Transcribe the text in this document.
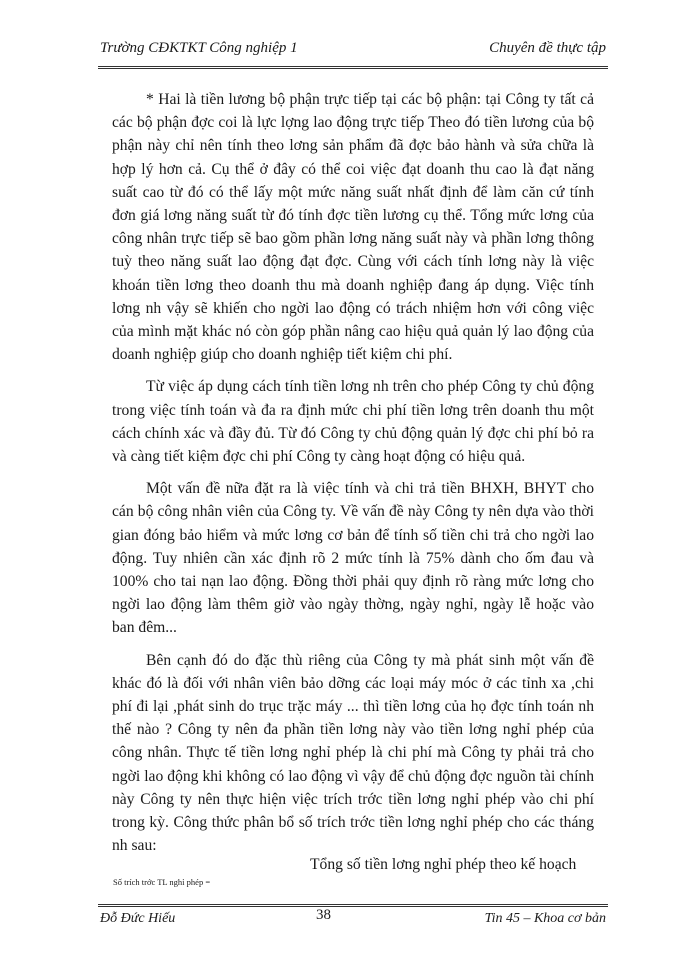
Trường CĐKTKT Công nghiệp 1	Chuyên đề thực tập

* Hai là tiền lương bộ phận trực tiếp tại các bộ phận: tại Công ty tất cả các bộ phận đợc coi là lực lợng lao động trực tiếp Theo đó tiền lương của bộ phận này chỉ nên tính theo lơng sản phẩm đã đợc bảo hành và sửa chữa là hợp lý hơn cả. Cụ thể ở đây có thể coi việc đạt doanh thu cao là đạt năng suất cao từ đó có thể lấy một mức năng suất nhất định để làm căn cứ tính đơn giá lơng năng suất từ đó tính đợc tiền lương cụ thể. Tổng mức lơng của công nhân trực tiếp sẽ bao gồm phần lơng năng suất này và phần lơng thông tuỳ theo năng suất lao động đạt đợc. Cùng với cách tính lơng này là việc khoán tiền lơng theo doanh thu mà doanh nghiệp đang áp dụng. Việc tính lơng nh vậy sẽ khiến cho ngời lao động có trách nhiệm hơn với công việc của mình mặt khác nó còn góp phần nâng cao hiệu quả quản lý lao động của doanh nghiệp giúp cho doanh nghiệp tiết kiệm chi phí.

Từ việc áp dụng cách tính tiền lơng nh trên cho phép Công ty chủ động trong việc tính toán và đa ra định mức chi phí tiền lơng trên doanh thu một cách chính xác và đầy đủ. Từ đó Công ty chủ động quản lý đợc chi phí bỏ ra và càng tiết kiệm đợc chi phí Công ty càng hoạt động có hiệu quả.

Một vấn đề nữa đặt ra là việc tính và chi trả tiền BHXH, BHYT cho cán bộ công nhân viên của Công ty. Về vấn đề này Công ty nên dựa vào thời gian đóng bảo hiểm và mức lơng cơ bản để tính số tiền chi trả cho ngời lao động. Tuy nhiên cần xác định rõ 2 mức tính là 75% dành cho ốm đau và 100% cho tai nạn lao động. Đồng thời phải quy định rõ ràng mức lơng cho ngời lao động làm thêm giờ vào ngày thờng, ngày nghỉ, ngày lễ hoặc vào ban đêm...

Bên cạnh đó do đặc thù riêng của Công ty mà phát sinh một vấn đề khác đó là đối với nhân viên bảo dỡng các loại máy móc ở các tỉnh xa ,chi phí đi lại ,phát sinh do trục trặc máy ... thì tiền lơng của họ đợc tính toán nh thế nào ? Công ty nên đa phần tiền lơng này vào tiền lơng nghỉ phép của công nhân. Thực tế tiền lơng nghỉ phép là chi phí mà Công ty phải trả cho ngời lao động khi không có lao động vì vậy để chủ động đợc nguồn tài chính này Công ty nên thực hiện việc trích trớc tiền lơng nghỉ phép vào chi phí trong kỳ. Công thức phân bổ số trích trớc tiền lơng nghỉ phép cho các tháng nh sau:

Tổng số tiền lơng nghỉ phép theo kế hoạch
Số trích trớc TL nghỉ phép =
Đỗ Đức Hiếu	38	Tin 45 – Khoa cơ bản
